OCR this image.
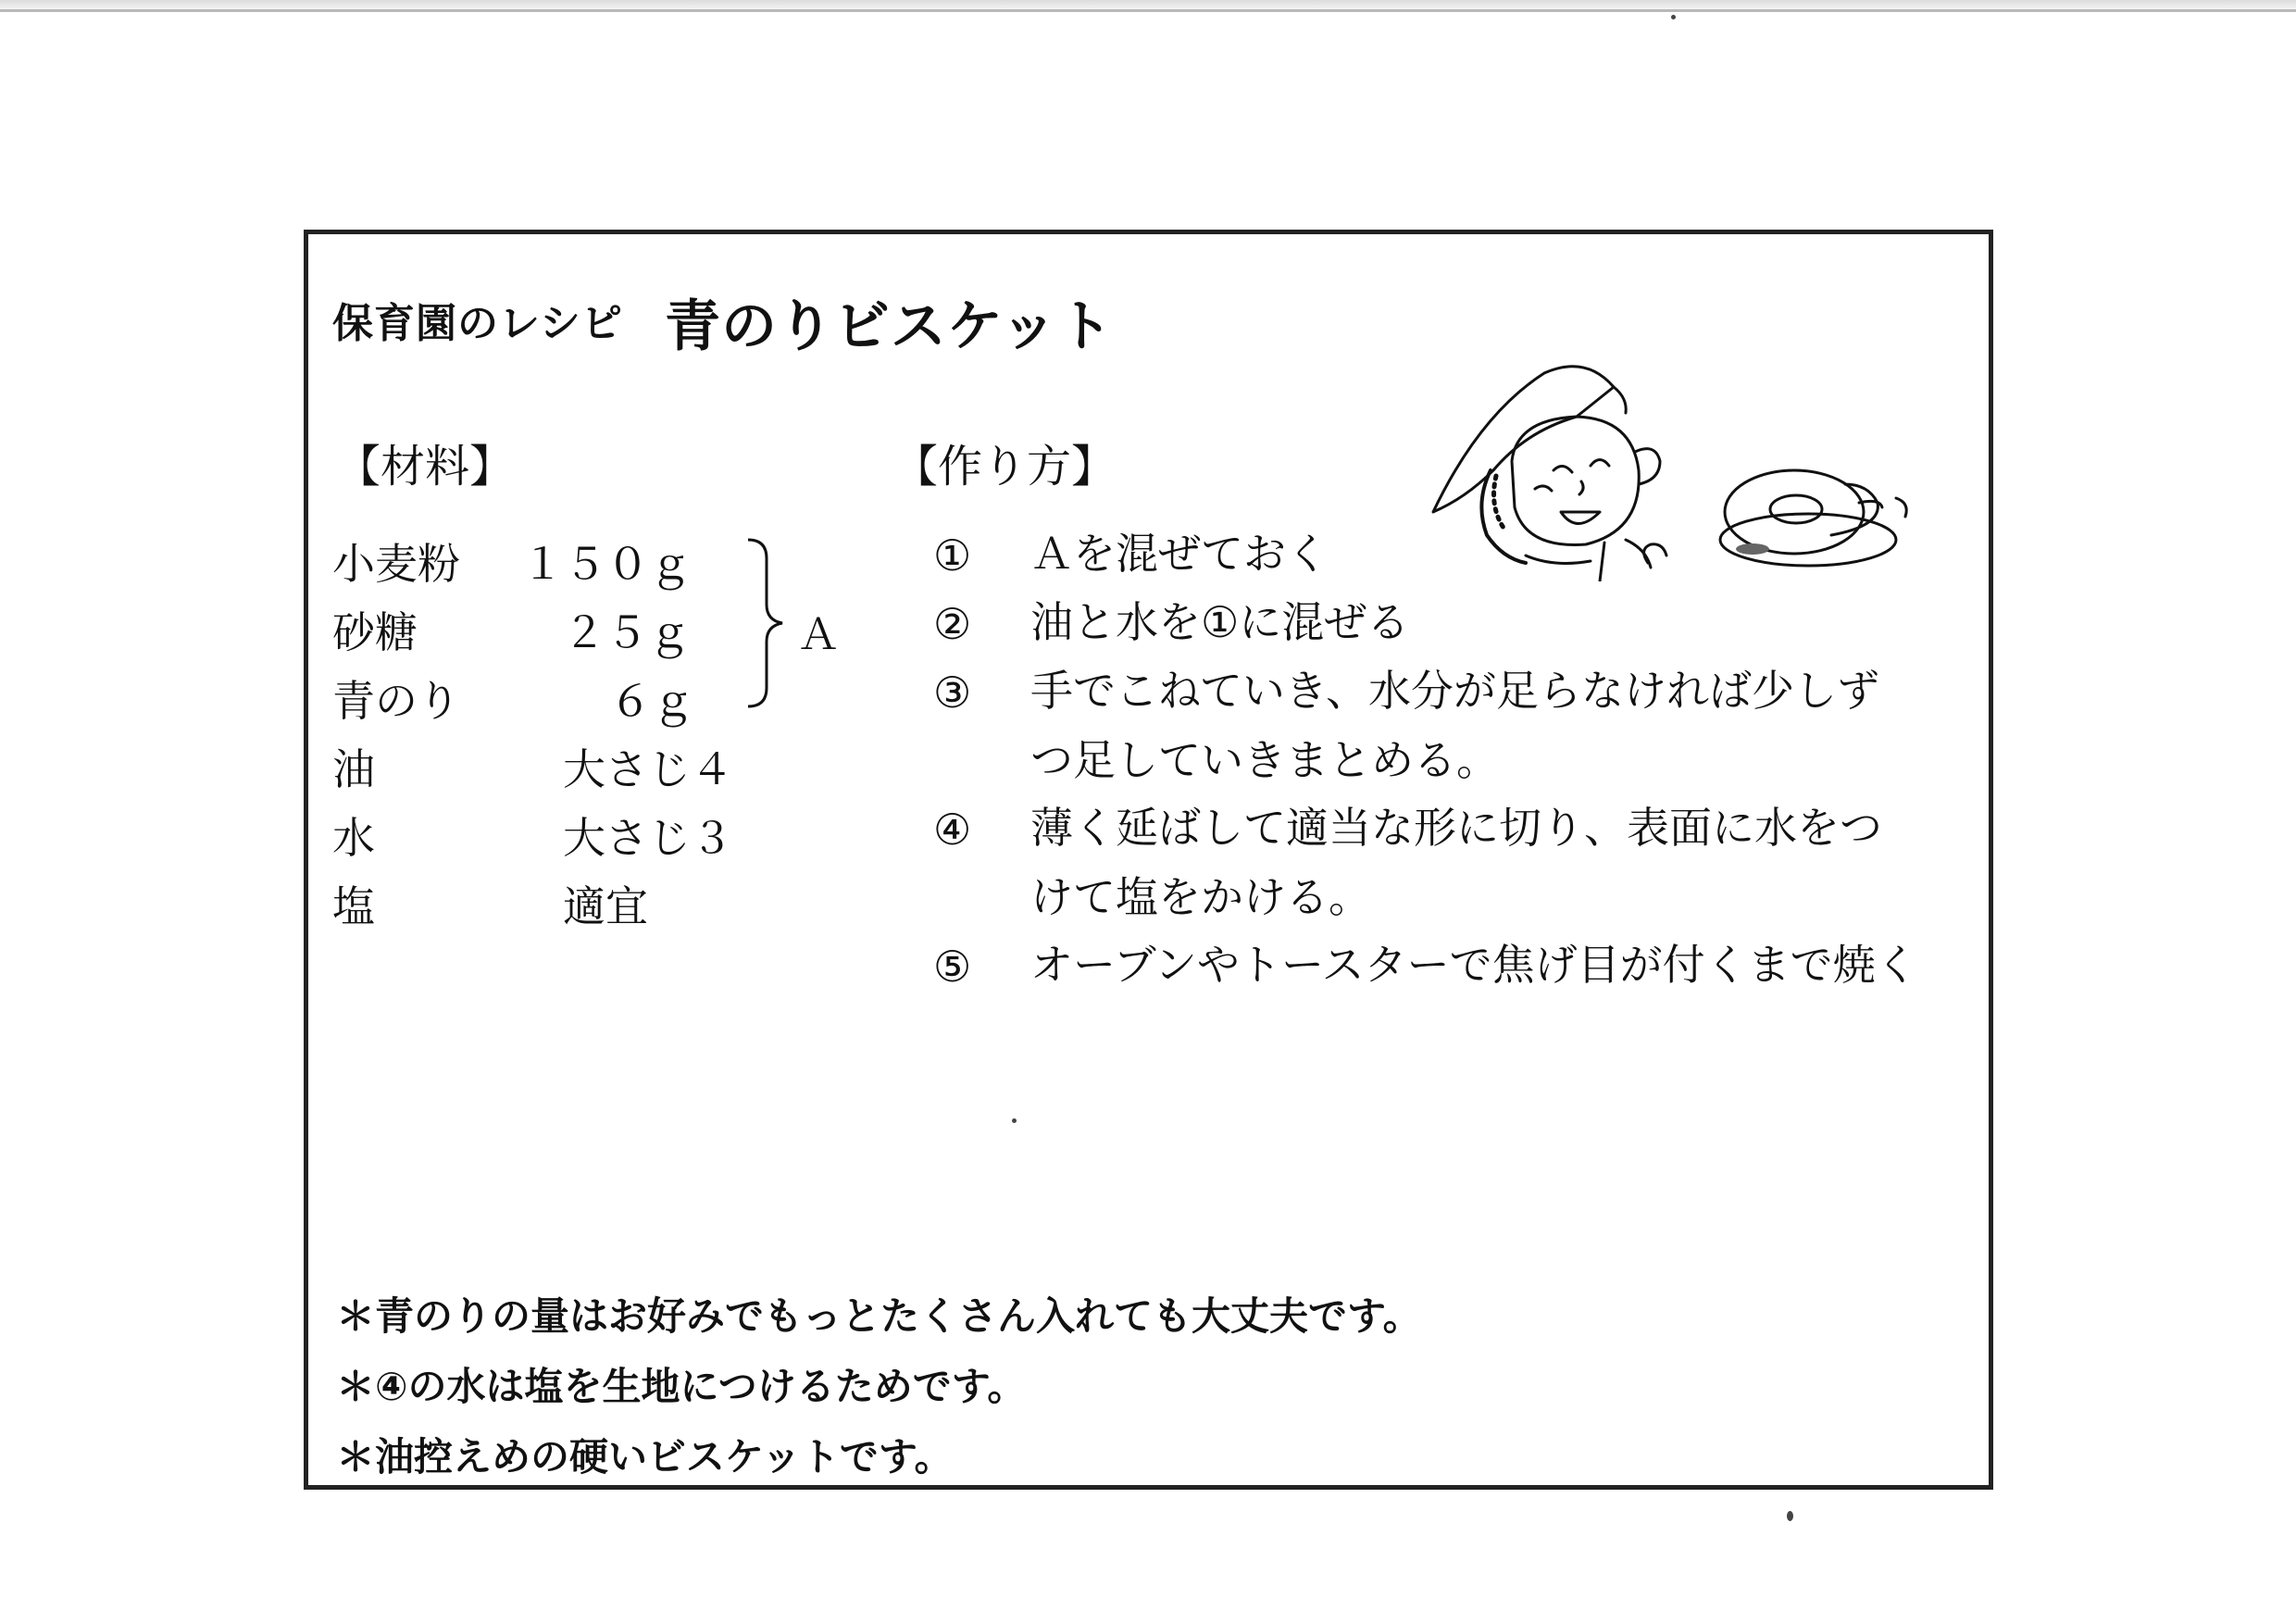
保育園のレシピ 青のりビスケット
【材料】
小麦粉 １５０ｇ
砂糖	２５ｇ
青のり	６ｇ
油	大さじ４
水	大さじ３
塩	適宜
Ａ
【作り方】
① Ａを混ぜておく
② 油と水を①に混ぜる
③ 手でこねていき、水分が足らなければ少しずつ足していきまとめる。
④ 薄く延ばして適当な形に切り、表面に水をつけて塩をかける。
⑤ オーブンやトースターで焦げ目が付くまで焼く
＊青のりの量はお好みでもっとたくさん入れても大丈夫です。
＊④の水は塩を生地につけるためです。
＊油控えめの硬いビスケットです。
